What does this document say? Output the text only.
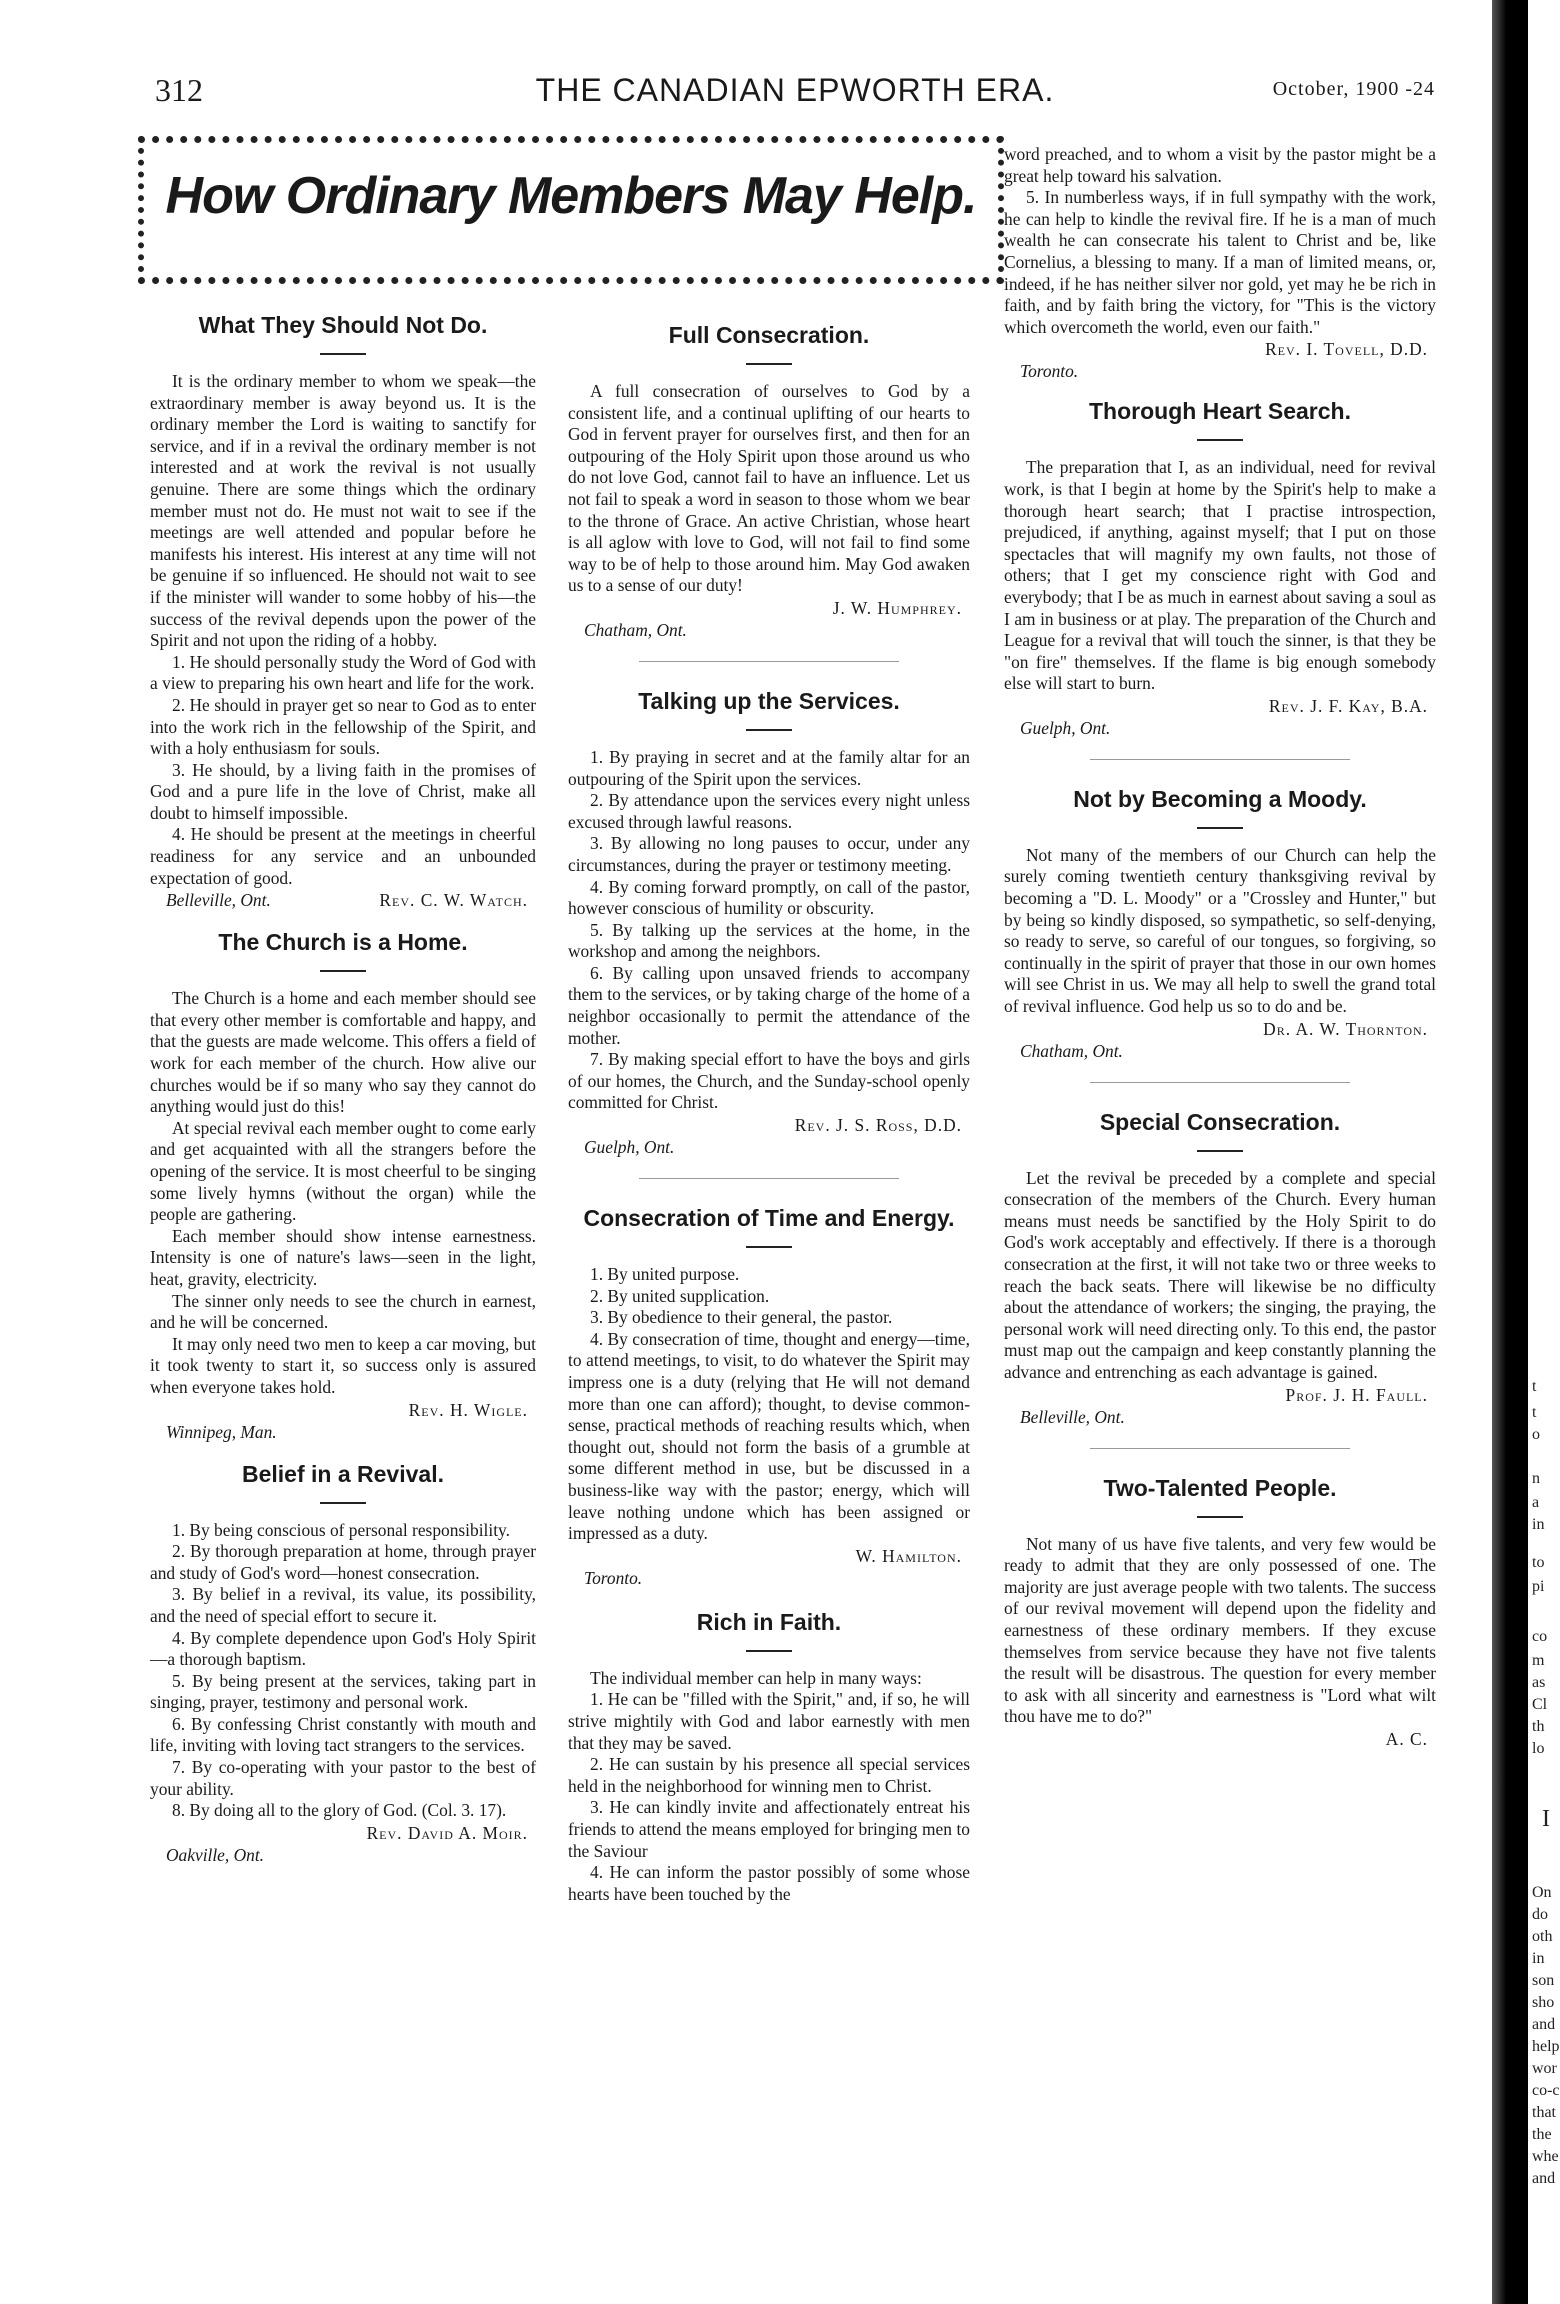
312	THE CANADIAN EPWORTH ERA.	October, 1900 -24
How Ordinary Members May Help.
What They Should Not Do.

It is the ordinary member to whom we speak—the extraordinary member is away beyond us. It is the ordinary member the Lord is waiting to sanctify for service, and if in a revival the ordinary member is not interested and at work the revival is not usually genuine. There are some things which the ordinary member must not do. He must not wait to see if the meetings are well attended and popular before he manifests his interest. His interest at any time will not be genuine if so influenced. He should not wait to see if the minister will wander to some hobby of his—the success of the revival depends upon the power of the Spirit and not upon the riding of a hobby.

1. He should personally study the Word of God with a view to preparing his own heart and life for the work.

2. He should in prayer get so near to God as to enter into the work rich in the fellowship of the Spirit, and with a holy enthusiasm for souls.

3. He should, by a living faith in the promises of God and a pure life in the love of Christ, make all doubt to himself impossible.

4. He should be present at the meetings in cheerful readiness for any service and an unbounded expectation of good.

Belleville, Ont.	Rev. C. W. Watch.
The Church is a Home.

The Church is a home and each member should see that every other member is comfortable and happy, and that the guests are made welcome. This offers a field of work for each member of the church. How alive our churches would be if so many who say they cannot do anything would just do this!

At special revival each member ought to come early and get acquainted with all the strangers before the opening of the service. It is most cheerful to be singing some lively hymns (without the organ) while the people are gathering.

Each member should show intense earnestness. Intensity is one of nature's laws—seen in the light, heat, gravity, electricity.

The sinner only needs to see the church in earnest, and he will be concerned.

It may only need two men to keep a car moving, but it took twenty to start it, so success only is assured when everyone takes hold.

Rev. H. Wigle.
Winnipeg, Man.
Belief in a Revival.

1. By being conscious of personal responsibility.

2. By thorough preparation at home, through prayer and study of God's word—honest consecration.

3. By belief in a revival, its value, its possibility, and the need of special effort to secure it.

4. By complete dependence upon God's Holy Spirit—a thorough baptism.

5. By being present at the services, taking part in singing, prayer, testimony and personal work.

6. By confessing Christ constantly with mouth and life, inviting with loving tact strangers to the services.

7. By co-operating with your pastor to the best of your ability.

8. By doing all to the glory of God. (Col. 3. 17).

Rev. David A. Moir.
Oakville, Ont.
Full Consecration.

A full consecration of ourselves to God by a consistent life, and a continual uplifting of our hearts to God in fervent prayer for ourselves first, and then for an outpouring of the Holy Spirit upon those around us who do not love God, cannot fail to have an influence. Let us not fail to speak a word in season to those whom we bear to the throne of Grace. An active Christian, whose heart is all aglow with love to God, will not fail to find some way to be of help to those around him. May God awaken us to a sense of our duty!

J. W. Humphrey.
Chatham, Ont.
Talking up the Services.

1. By praying in secret and at the family altar for an outpouring of the Spirit upon the services.

2. By attendance upon the services every night unless excused through lawful reasons.

3. By allowing no long pauses to occur, under any circumstances, during the prayer or testimony meeting.

4. By coming forward promptly, on call of the pastor, however conscious of humility or obscurity.

5. By talking up the services at the home, in the workshop and among the neighbors.

6. By calling upon unsaved friends to accompany them to the services, or by taking charge of the home of a neighbor occasionally to permit the attendance of the mother.

7. By making special effort to have the boys and girls of our homes, the Church, and the Sunday-school openly committed for Christ.

Rev. J. S. Ross, D.D.
Guelph, Ont.
Consecration of Time and Energy.

1. By united purpose.

2. By united supplication.

3. By obedience to their general, the pastor.

4. By consecration of time, thought and energy—time, to attend meetings, to visit, to do whatever the Spirit may impress one is a duty (relying that He will not demand more than one can afford); thought, to devise common-sense, practical methods of reaching results which, when thought out, should not form the basis of a grumble at some different method in use, but be discussed in a business-like way with the pastor; energy, which will leave nothing undone which has been assigned or impressed as a duty.

W. Hamilton.
Toronto.
Rich in Faith.

The individual member can help in many ways:

1. He can be "filled with the Spirit," and, if so, he will strive mightily with God and labor earnestly with men that they may be saved.

2. He can sustain by his presence all special services held in the neighborhood for winning men to Christ.

3. He can kindly invite and affectionately entreat his friends to attend the means employed for bringing men to the Saviour

4. He can inform the pastor possibly of some whose hearts have been touched by the

word preached, and to whom a visit by the pastor might be a great help toward his salvation.

5. In numberless ways, if in full sympathy with the work, he can help to kindle the revival fire. If he is a man of much wealth he can consecrate his talent to Christ and be, like Cornelius, a blessing to many. If a man of limited means, or, indeed, if he has neither silver nor gold, yet may he be rich in faith, and by faith bring the victory, for "This is the victory which overcometh the world, even our faith."

Rev. I. Tovell, D.D.
Toronto.
Thorough Heart Search.

The preparation that I, as an individual, need for revival work, is that I begin at home by the Spirit's help to make a thorough heart search; that I practise introspection, prejudiced, if anything, against myself; that I put on those spectacles that will magnify my own faults, not those of others; that I get my conscience right with God and everybody; that I be as much in earnest about saving a soul as I am in business or at play. The preparation of the Church and League for a revival that will touch the sinner, is that they be "on fire" themselves. If the flame is big enough somebody else will start to burn.

Rev. J. F. Kay, B.A.
Guelph, Ont.
Not by Becoming a Moody.

Not many of the members of our Church can help the surely coming twentieth century thanksgiving revival by becoming a "D. L. Moody" or a "Crossley and Hunter," but by being so kindly disposed, so sympathetic, so self-denying, so ready to serve, so careful of our tongues, so forgiving, so continually in the spirit of prayer that those in our own homes will see Christ in us. We may all help to swell the grand total of revival influence. God help us so to do and be.

Dr. A. W. Thornton.
Chatham, Ont.
Special Consecration.

Let the revival be preceded by a complete and special consecration of the members of the Church. Every human means must needs be sanctified by the Holy Spirit to do God's work acceptably and effectively. If there is a thorough consecration at the first, it will not take two or three weeks to reach the back seats. There will likewise be no difficulty about the attendance of workers; the singing, the praying, the personal work will need directing only. To this end, the pastor must map out the campaign and keep constantly planning the advance and entrenching as each advantage is gained.

Prof. J. H. Faull.
Belleville, Ont.
Two-Talented People.

Not many of us have five talents, and very few would be ready to admit that they are only possessed of one. The majority are just average people with two talents. The success of our revival movement will depend upon the fidelity and earnestness of these ordinary members. If they excuse themselves from service because they have not five talents the result will be disastrous. The question for every member to ask with all sincerity and earnestness is "Lord what wilt thou have me to do?"

A. C.
t
t
o
n
a
in
to
pi
co
m
as
Cl
th
lo
I
On
do
oth
in
son
sho
and
help
wor
co-c
that
the
whe
and
